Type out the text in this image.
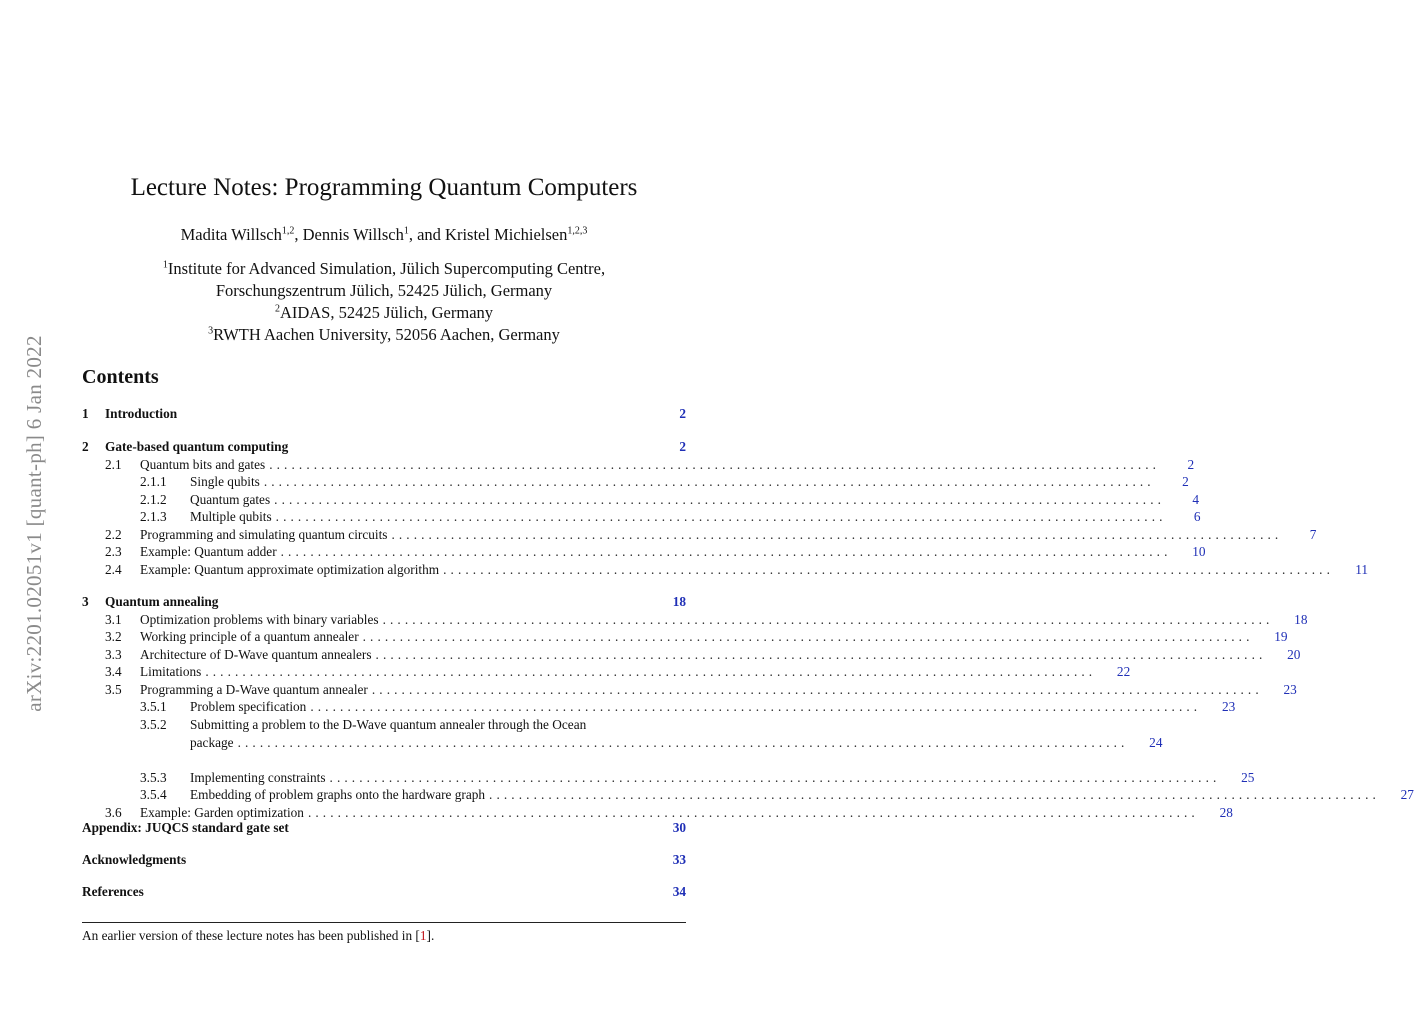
arXiv:2201.02051v1 [quant-ph] 6 Jan 2022
Lecture Notes: Programming Quantum Computers
Madita Willsch$^{1,2}$, Dennis Willsch$^1$, and Kristel Michielsen$^{1,2,3}$
$^1$Institute for Advanced Simulation, Jülich Supercomputing Centre,
Forschungszentrum Jülich, 52425 Jülich, Germany
$^2$AIDAS, 52425 Jülich, Germany
$^3$RWTH Aachen University, 52056 Aachen, Germany
Contents
1	Introduction	2
2	Gate-based quantum computing	2
2.1	Quantum bits and gates ........................................................................................................................	2
2.1.1	Single qubits ........................................................................................................................	2
2.1.2	Quantum gates ........................................................................................................................	4
2.1.3	Multiple qubits ........................................................................................................................	6
2.2	Programming and simulating quantum circuits ........................................................................................................................	7
2.3	Example: Quantum adder ........................................................................................................................	10
2.4	Example: Quantum approximate optimization algorithm ........................................................................................................................	11
3	Quantum annealing	18
3.1	Optimization problems with binary variables ........................................................................................................................	18
3.2	Working principle of a quantum annealer ........................................................................................................................	19
3.3	Architecture of D-Wave quantum annealers ........................................................................................................................	20
3.4	Limitations ........................................................................................................................	22
3.5	Programming a D-Wave quantum annealer ........................................................................................................................	23
3.5.1	Problem specification ........................................................................................................................	23
3.5.2	Submitting a problem to the D-Wave quantum annealer through the Ocean
package ........................................................................................................................	24
3.5.3	Implementing constraints ........................................................................................................................	25
3.5.4	Embedding of problem graphs onto the hardware graph ........................................................................................................................	27
3.6	Example: Garden optimization ........................................................................................................................	28
Appendix: JUQCS standard gate set	30
Acknowledgments	33
References	34
An earlier version of these lecture notes has been published in [1].
